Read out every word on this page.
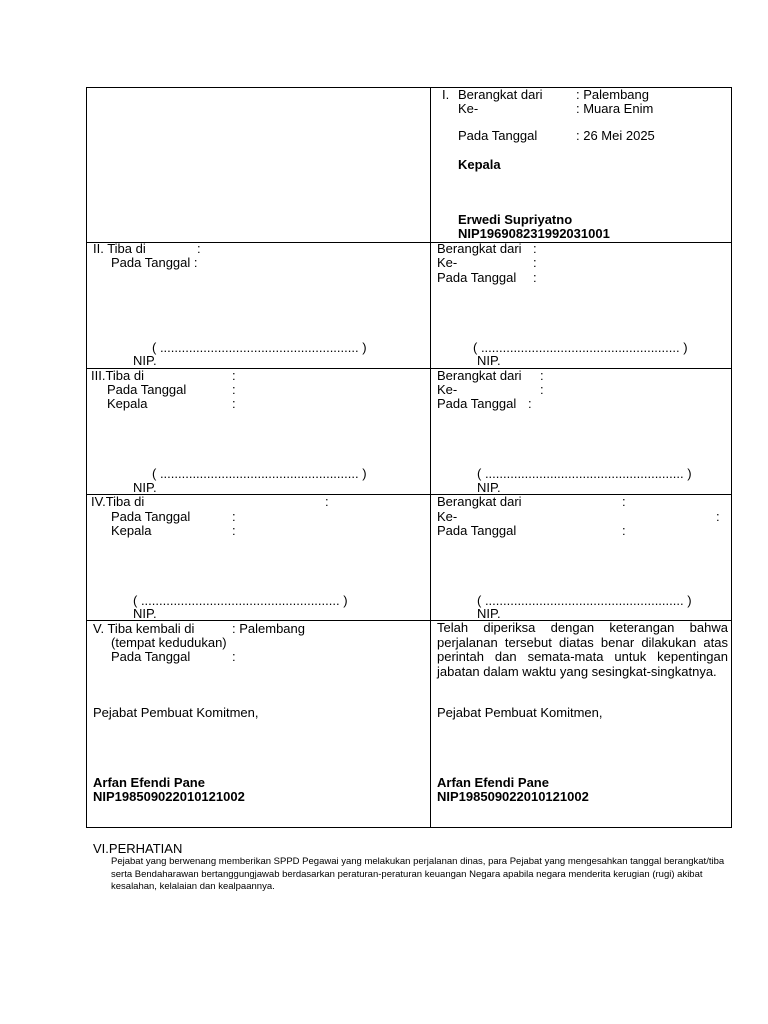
I. Berangkat dari	: Palembang
Ke-	: Muara Enim
Pada Tanggal	: 26 Mei 2025
Kepala
Erwedi Supriyatno
NIP196908231992031001
II. Tiba di	:
Pada Tanggal :
( ....................................................... )
NIP.
Berangkat dari :
Ke-	:
Pada Tanggal :
( ....................................................... )
NIP.
III.Tiba di	:
Pada Tanggal	:
Kepala	:
( ....................................................... )
NIP.
Berangkat dari :
Ke-	:
Pada Tanggal :
( ....................................................... )
NIP.
IV.Tiba di	:
Pada Tanggal	:
Kepala	:
( ....................................................... )
NIP.
Berangkat dari	:
Ke-	:
Pada Tanggal	:
( ....................................................... )
NIP.
V. Tiba kembali di	: Palembang
(tempat kedudukan)
Pada Tanggal	:
Pejabat Pembuat Komitmen,
Arfan Efendi Pane
NIP198509022010121002
Telah diperiksa dengan keterangan bahwa perjalanan tersebut diatas benar dilakukan atas perintah dan semata-mata untuk kepentingan jabatan dalam waktu yang sesingkat-singkatnya.
Pejabat Pembuat Komitmen,
Arfan Efendi Pane
NIP198509022010121002
VI.PERHATIAN
Pejabat yang berwenang memberikan SPPD Pegawai yang melakukan perjalanan dinas, para Pejabat yang mengesahkan tanggal berangkat/tiba serta Bendaharawan bertanggungjawab berdasarkan peraturan-peraturan keuangan Negara apabila negara menderita kerugian (rugi) akibat kesalahan, kelalaian dan kealpaannya.
